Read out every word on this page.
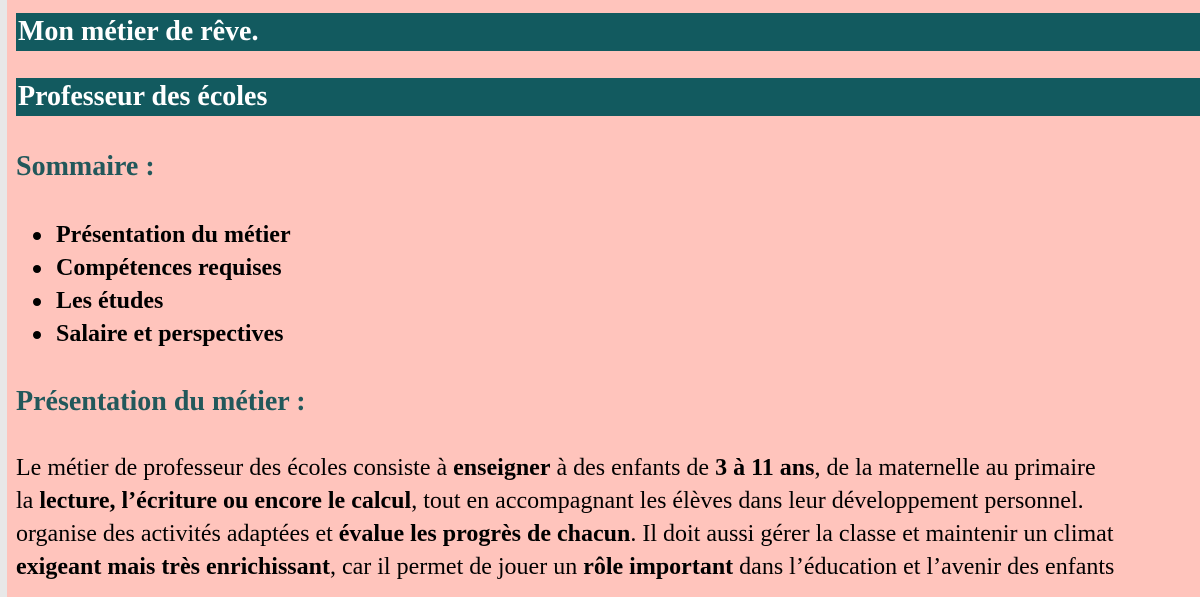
Mon métier de rêve.
Professeur des écoles
Sommaire :
Présentation du métier
Compétences requises
Les études
Salaire et perspectives
Présentation du métier :

Le métier de professeur des écoles consiste à enseigner à des enfants de 3 à 11 ans, de la maternelle au primaire
la lecture, l’écriture ou encore le calcul, tout en accompagnant les élèves dans leur développement personnel.
organise des activités adaptées et évalue les progrès de chacun. Il doit aussi gérer la classe et maintenir un climat
exigeant mais très enrichissant, car il permet de jouer un rôle important dans l’éducation et l’avenir des enfants
